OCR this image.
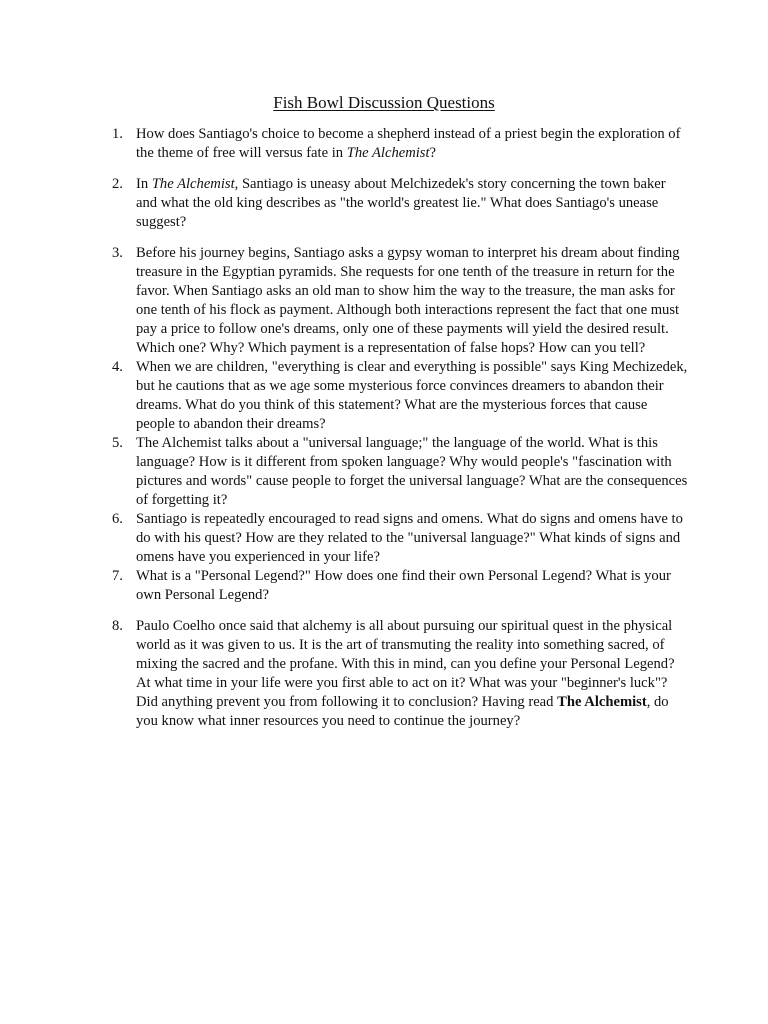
Fish Bowl Discussion Questions
1. How does Santiago's choice to become a shepherd instead of a priest begin the exploration of the theme of free will versus fate in The Alchemist?
2. In The Alchemist, Santiago is uneasy about Melchizedek's story concerning the town baker and what the old king describes as "the world's greatest lie." What does Santiago's unease suggest?
3. Before his journey begins, Santiago asks a gypsy woman to interpret his dream about finding treasure in the Egyptian pyramids. She requests for one tenth of the treasure in return for the favor. When Santiago asks an old man to show him the way to the treasure, the man asks for one tenth of his flock as payment. Although both interactions represent the fact that one must pay a price to follow one's dreams, only one of these payments will yield the desired result. Which one? Why? Which payment is a representation of false hops? How can you tell?
4. When we are children, "everything is clear and everything is possible" says King Mechizedek, but he cautions that as we age some mysterious force convinces dreamers to abandon their dreams. What do you think of this statement? What are the mysterious forces that cause people to abandon their dreams?
5. The Alchemist talks about a "universal language;" the language of the world. What is this language? How is it different from spoken language? Why would people's "fascination with pictures and words" cause people to forget the universal language? What are the consequences of forgetting it?
6. Santiago is repeatedly encouraged to read signs and omens. What do signs and omens have to do with his quest? How are they related to the "universal language?" What kinds of signs and omens have you experienced in your life?
7. What is a "Personal Legend?" How does one find their own Personal Legend? What is your own Personal Legend?
8. Paulo Coelho once said that alchemy is all about pursuing our spiritual quest in the physical world as it was given to us. It is the art of transmuting the reality into something sacred, of mixing the sacred and the profane. With this in mind, can you define your Personal Legend? At what time in your life were you first able to act on it? What was your "beginner's luck"? Did anything prevent you from following it to conclusion? Having read The Alchemist, do you know what inner resources you need to continue the journey?
